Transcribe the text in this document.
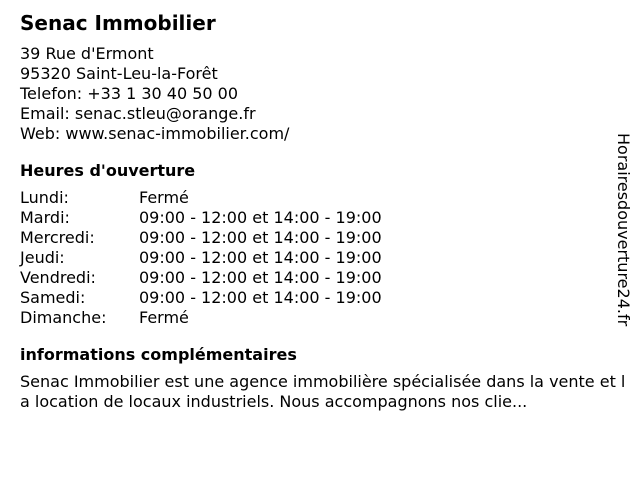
Senac Immobilier
39 Rue d'Ermont
95320 Saint-Leu-la-Forêt
Telefon: +33 1 30 40 50 00
Email: senac.stleu@orange.fr
Web: www.senac-immobilier.com/
Heures d'ouverture
Lundi:	Fermé
Mardi:	09:00 - 12:00 et 14:00 - 19:00
Mercredi:	09:00 - 12:00 et 14:00 - 19:00
Jeudi:	09:00 - 12:00 et 14:00 - 19:00
Vendredi:	09:00 - 12:00 et 14:00 - 19:00
Samedi:	09:00 - 12:00 et 14:00 - 19:00
Dimanche:	Fermé
informations complémentaires
Senac Immobilier est une agence immobilière spécialisée dans la vente et la location de locaux industriels. Nous accompagnons nos clie...
Horairesdouverture24.fr
